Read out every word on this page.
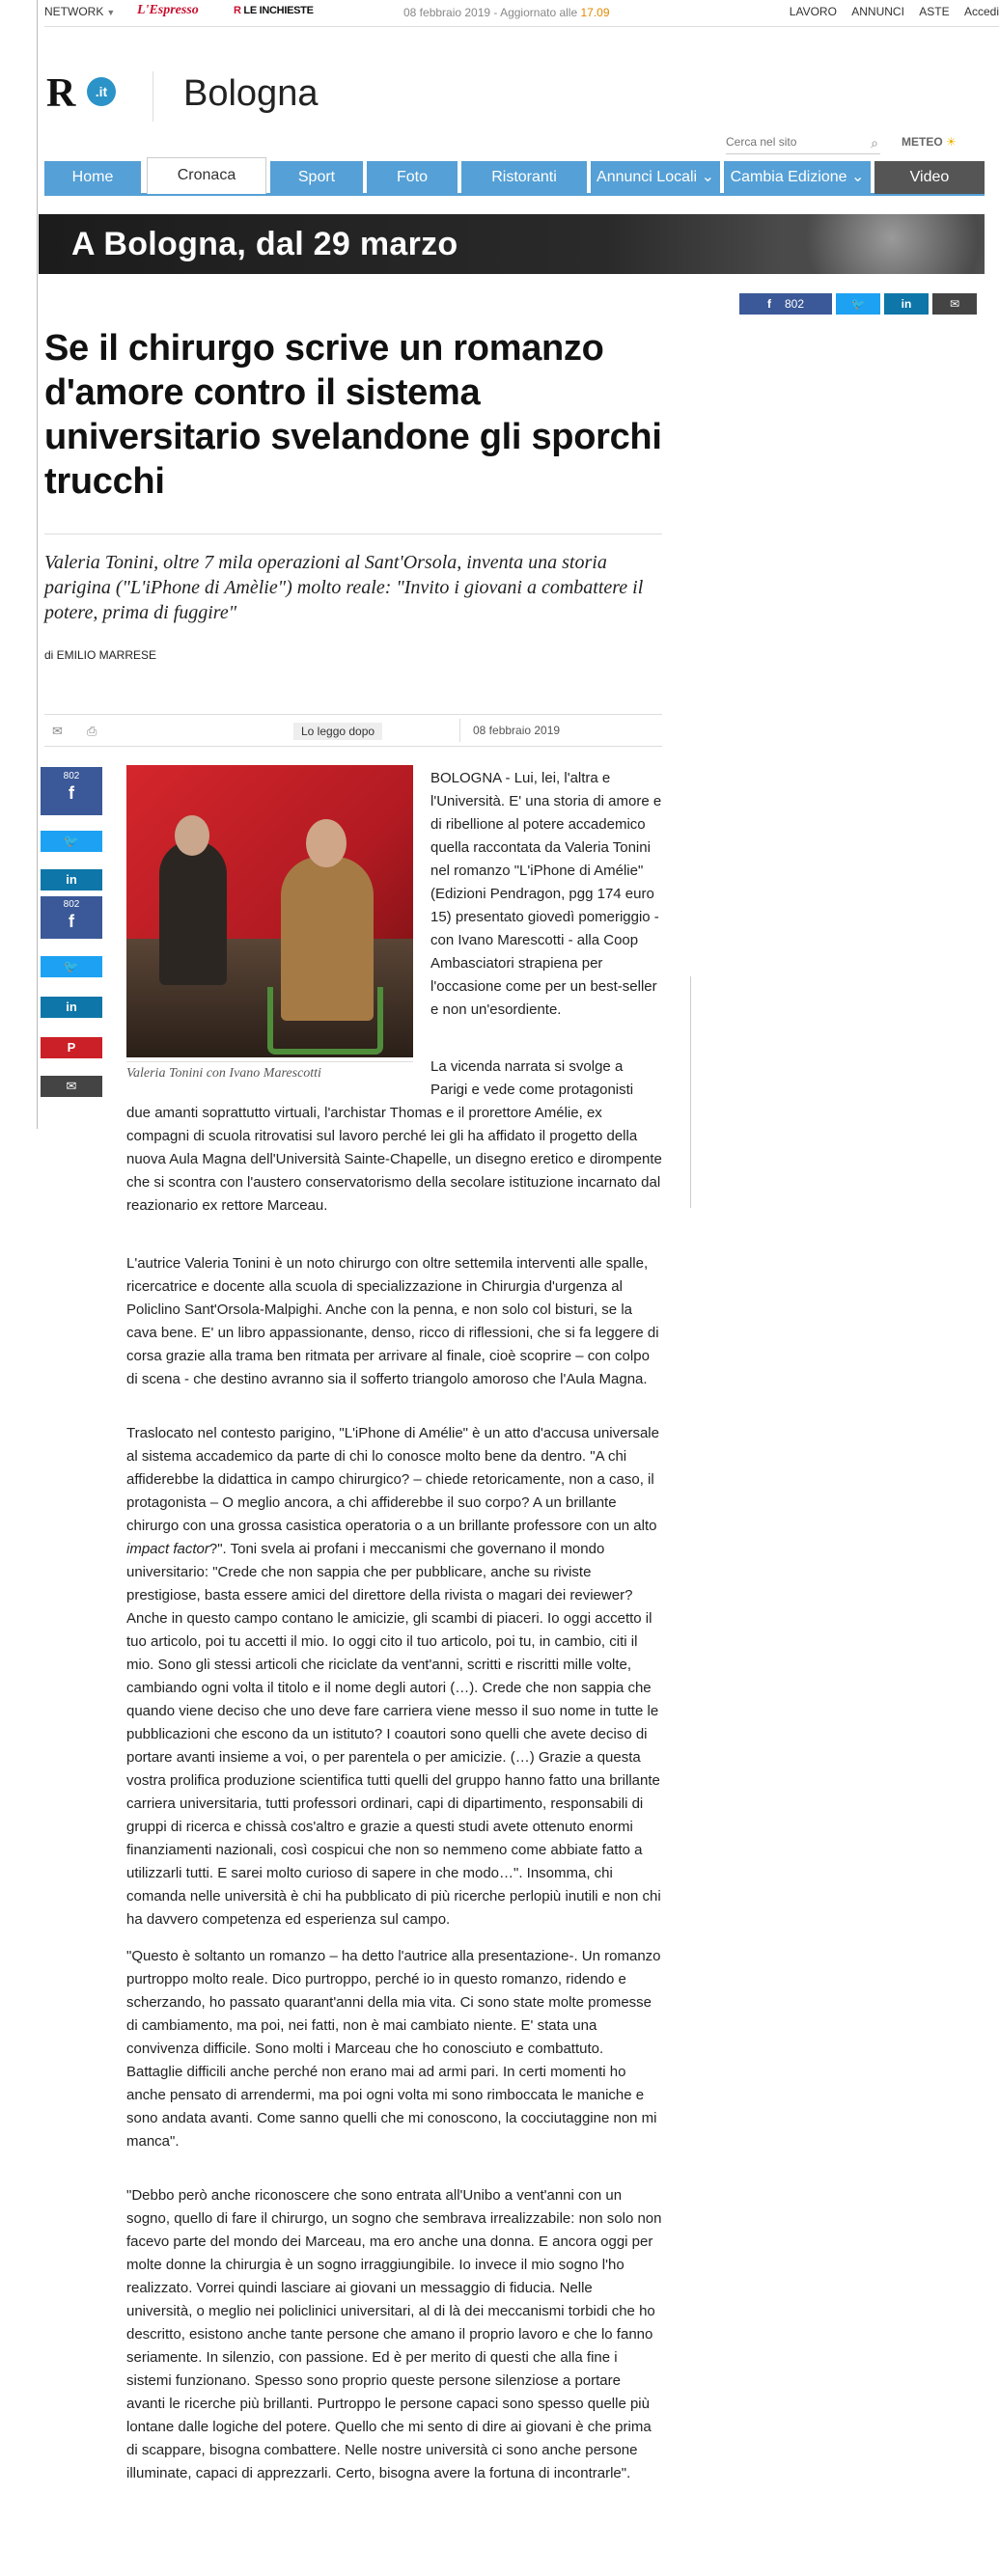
NETWORK ▼ L'Espresso	R LE INCHIESTE	08 febbraio 2019 - Aggiornato alle 17.09	LAVORO ANNUNCI ASTE Accedi
R	.it Bologna
Cerca nel sito
⌕ METEO ☀
Home	Cronaca	Sport	Foto	Ristoranti	Annunci Locali ⌄	Cambia Edizione ⌄	Video
A Bologna, dal 29 marzo
f 802	🐦	in	✉
Se il chirurgo scrive un romanzo d'amore contro il sistema universitario svelandone gli sporchi trucchi

Valeria Tonini, oltre 7 mila operazioni al Sant'Orsola, inventa una storia parigina ("L'iPhone di Amèlie") molto reale: "Invito i giovani a combattere il potere, prima di fuggire"

di EMILIO MARRESE
✉ ⎙	Lo leggo dopo	08 febbraio 2019
802
f
🐦
in
802
f
🐦
in
P
✉
Valeria Tonini con Ivano Marescotti

BOLOGNA - Lui, lei, l'altra e l'Università. E' una storia di amore e di ribellione al potere accademico quella raccontata da Valeria Tonini nel romanzo "L'iPhone di Amélie" (Edizioni Pendragon, pgg 174 euro 15) presentato giovedì pomeriggio - con Ivano Marescotti - alla Coop Ambasciatori strapiena per l'occasione come per un best-seller e non un'esordiente.

La vicenda narrata si svolge a Parigi e vede come protagonisti

due amanti soprattutto virtuali, l'archistar Thomas e il prorettore Amélie, ex compagni di scuola ritrovatisi sul lavoro perché lei gli ha affidato il progetto della nuova Aula Magna dell'Università Sainte-Chapelle, un disegno eretico e dirompente che si scontra con l'austero conservatorismo della secolare istituzione incarnato dal reazionario ex rettore Marceau.

L'autrice Valeria Tonini è un noto chirurgo con oltre settemila interventi alle spalle, ricercatrice e docente alla scuola di specializzazione in Chirurgia d'urgenza al Policlino Sant'Orsola-Malpighi. Anche con la penna, e non solo col bisturi, se la cava bene. E' un libro appassionante, denso, ricco di riflessioni, che si fa leggere di corsa grazie alla trama ben ritmata per arrivare al finale, cioè scoprire – con colpo di scena - che destino avranno sia il sofferto triangolo amoroso che l'Aula Magna.

Traslocato nel contesto parigino, "L'iPhone di Amélie" è un atto d'accusa universale al sistema accademico da parte di chi lo conosce molto bene da dentro. "A chi affiderebbe la didattica in campo chirurgico? – chiede retoricamente, non a caso, il protagonista – O meglio ancora, a chi affiderebbe il suo corpo? A un brillante chirurgo con una grossa casistica operatoria o a un brillante professore con un alto impact factor?". Toni svela ai profani i meccanismi che governano il mondo universitario: "Crede che non sappia che per pubblicare, anche su riviste prestigiose, basta essere amici del direttore della rivista o magari dei reviewer? Anche in questo campo contano le amicizie, gli scambi di piaceri. Io oggi accetto il tuo articolo, poi tu accetti il mio. Io oggi cito il tuo articolo, poi tu, in cambio, citi il mio. Sono gli stessi articoli che riciclate da vent'anni, scritti e riscritti mille volte, cambiando ogni volta il titolo e il nome degli autori (…). Crede che non sappia che quando viene deciso che uno deve fare carriera viene messo il suo nome in tutte le pubblicazioni che escono da un istituto? I coautori sono quelli che avete deciso di portare avanti insieme a voi, o per parentela o per amicizie. (…) Grazie a questa vostra prolifica produzione scientifica tutti quelli del gruppo hanno fatto una brillante carriera universitaria, tutti professori ordinari, capi di dipartimento, responsabili di gruppi di ricerca e chissà cos'altro e grazie a questi studi avete ottenuto enormi finanziamenti nazionali, così cospicui che non so nemmeno come abbiate fatto a utilizzarli tutti. E sarei molto curioso di sapere in che modo…". Insomma, chi comanda nelle università è chi ha pubblicato di più ricerche perlopiù inutili e non chi ha davvero competenza ed esperienza sul campo.

"Questo è soltanto un romanzo – ha detto l'autrice alla presentazione-. Un romanzo purtroppo molto reale. Dico purtroppo, perché io in questo romanzo, ridendo e scherzando, ho passato quarant'anni della mia vita. Ci sono state molte promesse di cambiamento, ma poi, nei fatti, non è mai cambiato niente. E' stata una convivenza difficile. Sono molti i Marceau che ho conosciuto e combattuto. Battaglie difficili anche perché non erano mai ad armi pari. In certi momenti ho anche pensato di arrendermi, ma poi ogni volta mi sono rimboccata le maniche e sono andata avanti. Come sanno quelli che mi conoscono, la cocciutaggine non mi manca".

"Debbo però anche riconoscere che sono entrata all'Unibo a vent'anni con un sogno, quello di fare il chirurgo, un sogno che sembrava irrealizzabile: non solo non facevo parte del mondo dei Marceau, ma ero anche una donna. E ancora oggi per molte donne la chirurgia è un sogno irraggiungibile. Io invece il mio sogno l'ho realizzato. Vorrei quindi lasciare ai giovani un messaggio di fiducia. Nelle università, o meglio nei policlinici universitari, al di là dei meccanismi torbidi che ho descritto, esistono anche tante persone che amano il proprio lavoro e che lo fanno seriamente. In silenzio, con passione. Ed è per merito di questi che alla fine i sistemi funzionano. Spesso sono proprio queste persone silenziose a portare avanti le ricerche più brillanti. Purtroppo le persone capaci sono spesso quelle più lontane dalle logiche del potere. Quello che mi sento di dire ai giovani è che prima di scappare, bisogna combattere. Nelle nostre università ci sono anche persone illuminate, capaci di apprezzarli. Certo, bisogna avere la fortuna di incontrarle".
